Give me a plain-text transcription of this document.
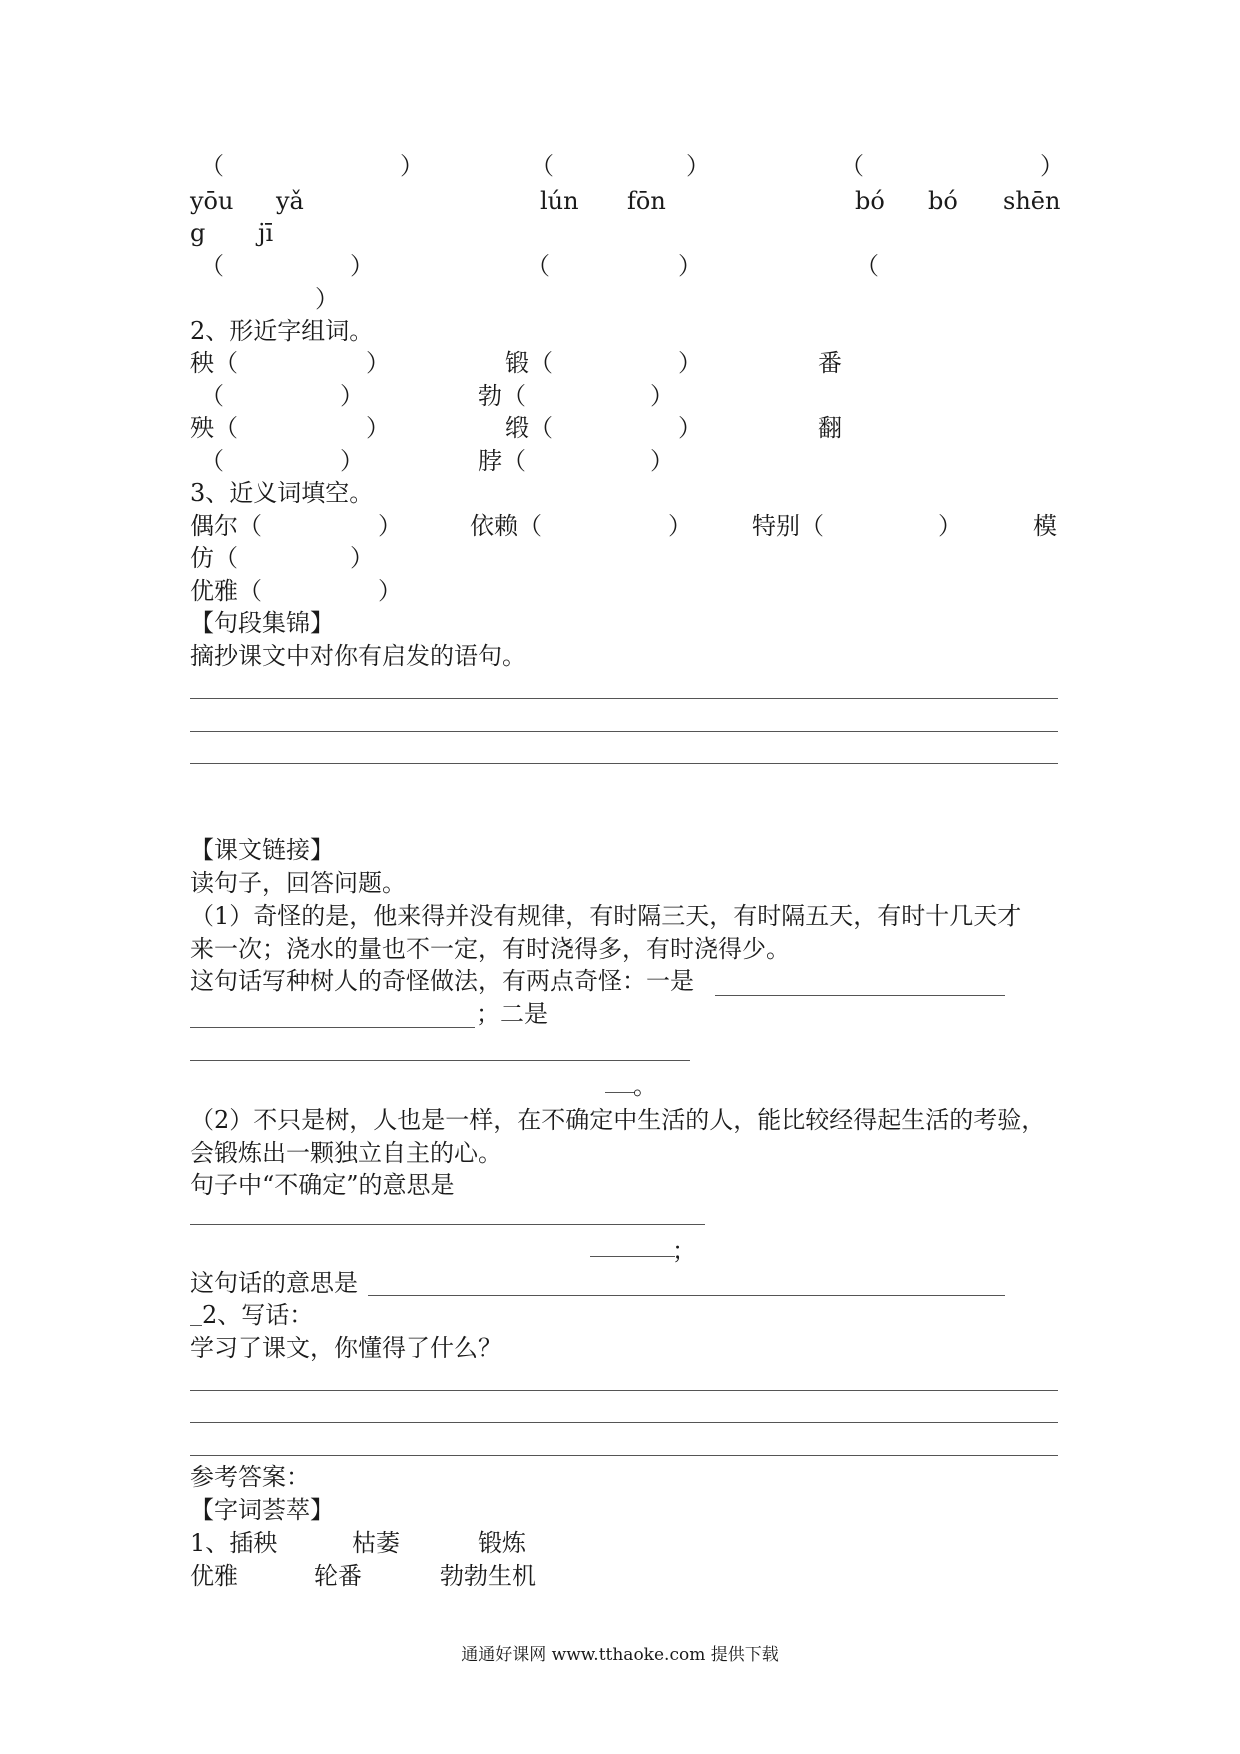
（	）	（	）	（	）
yōu yǎ	lún fōn	bó bó shēn
g jī
（	）	（	）	（
）
2、形近字组词。
秧（	）	锻（	）	番
（	）	勃（	）
殃（	）	缎（	）	翻
（	）	脖（	）
3、近义词填空。
偶尔（	）	依赖（	）	特别（	）	模
仿（	）
优雅（	）
【句段集锦】
摘抄课文中对你有启发的语句。
【课文链接】
读句子，回答问题。
（1）奇怪的是，他来得并没有规律，有时隔三天，有时隔五天，有时十几天才
来一次；浇水的量也不一定，有时浇得多，有时浇得少。
这句话写种树人的奇怪做法，有两点奇怪：一是
；二是
。
（2）不只是树，人也是一样，在不确定中生活的人，能比较经得起生活的考验，
会锻炼出一颗独立自主的心。
句子中“不确定”的意思是
；
这句话的意思是
2、写话：
学习了课文，你懂得了什么？
参考答案：
【字词荟萃】
1、插秧	枯萎	锻炼
优雅	轮番	勃勃生机
通通好课网 www.tthaoke.com 提供下载
